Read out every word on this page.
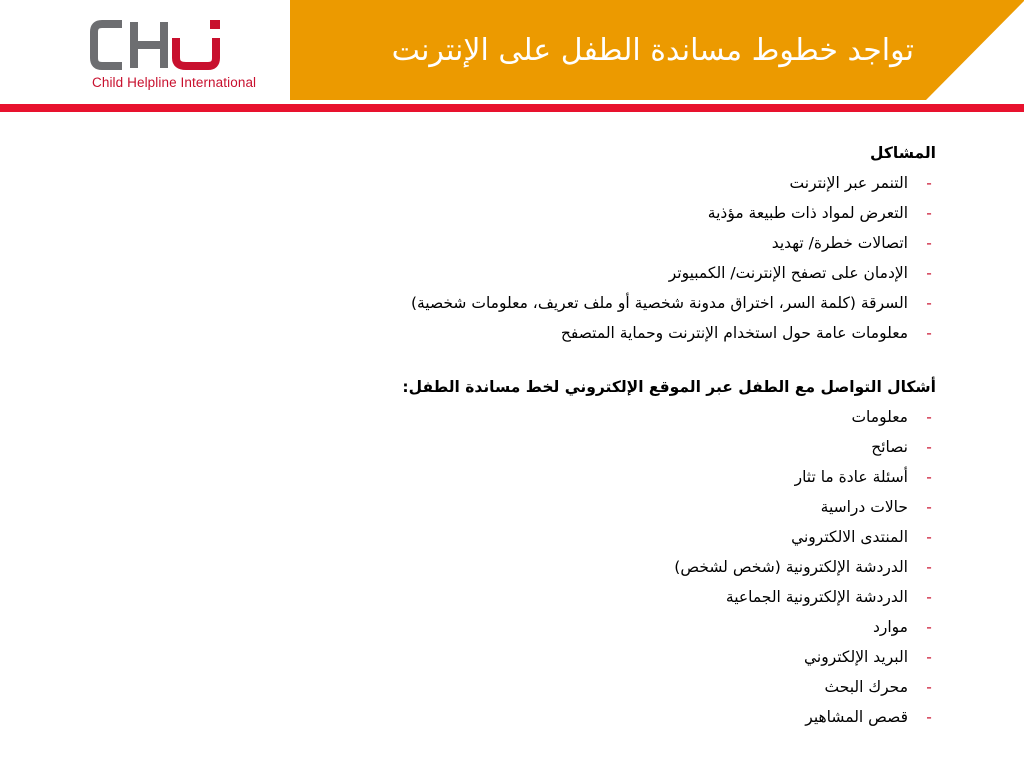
Child Helpline International
تواجد خطوط مساندة الطفل على الإنترنت
المشاكل
-
التنمر عبر الإنترنت
-
التعرض لمواد ذات طبيعة مؤذية
-
اتصالات خطرة/ تهديد
-
الإدمان على تصفح الإنترنت/ الكمبيوتر
-
السرقة (كلمة السر، اختراق مدونة شخصية أو ملف تعريف، معلومات شخصية)
-
معلومات عامة حول استخدام الإنترنت وحماية المتصفح
أشكال التواصل مع الطفل عبر الموقع الإلكتروني لخط مساندة الطفل:
-
معلومات
-
نصائح
-
أسئلة عادة ما تثار
-
حالات دراسية
-
المنتدى الالكتروني
-
الدردشة الإلكترونية (شخص لشخص)
-
الدردشة الإلكترونية الجماعية
-
موارد
-
البريد الإلكتروني
-
محرك البحث
-
قصص المشاهير
